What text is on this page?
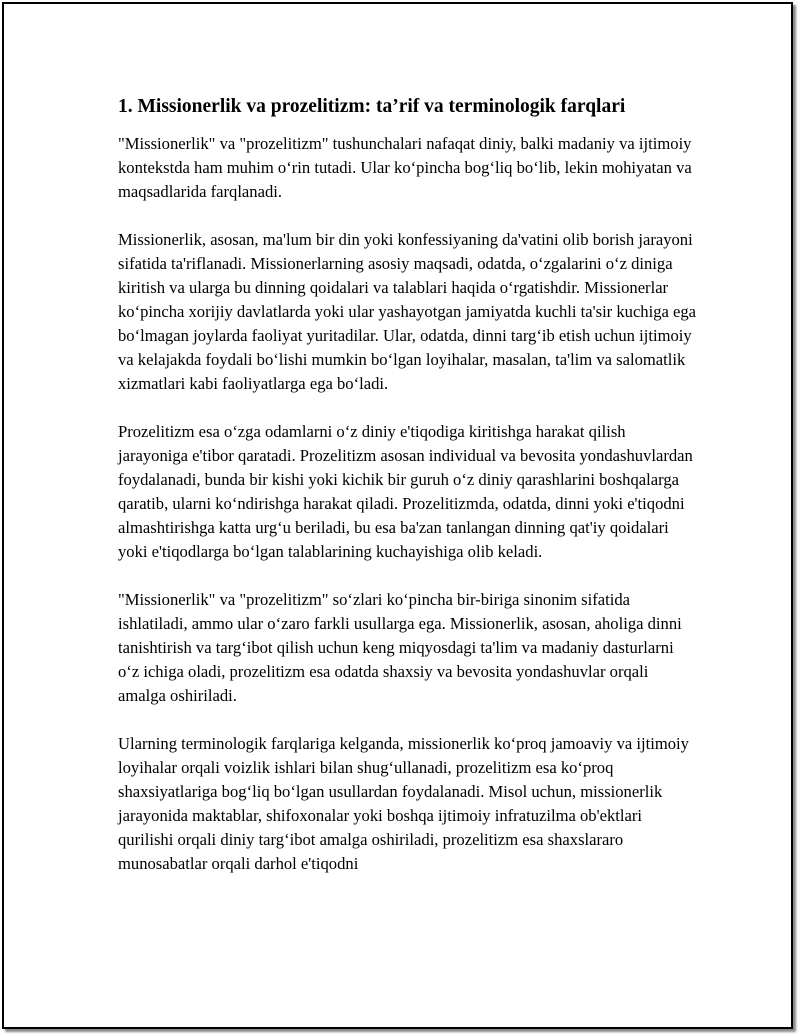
1. Missionerlik va prozelitizm: ta’rif va terminologik farqlari

"Missionerlik" va "prozelitizm" tushunchalari nafaqat diniy, balki madaniy va ijtimoiy kontekstda ham muhim o‘rin tutadi. Ular ko‘pincha bog‘liq bo‘lib, lekin mohiyatan va maqsadlarida farqlanadi.

Missionerlik, asosan, ma'lum bir din yoki konfessiyaning da'vatini olib borish jarayoni sifatida ta'riflanadi. Missionerlarning asosiy maqsadi, odatda, o‘zgalarini o‘z diniga kiritish va ularga bu dinning qoidalari va talablari haqida o‘rgatishdir. Missionerlar ko‘pincha xorijiy davlatlarda yoki ular yashayotgan jamiyatda kuchli ta'sir kuchiga ega bo‘lmagan joylarda faoliyat yuritadilar. Ular, odatda, dinni targ‘ib etish uchun ijtimoiy va kelajakda foydali bo‘lishi mumkin bo‘lgan loyihalar, masalan, ta'lim va salomatlik xizmatlari kabi faoliyatlarga ega bo‘ladi.

Prozelitizm esa o‘zga odamlarni o‘z diniy e'tiqodiga kiritishga harakat qilish jarayoniga e'tibor qaratadi. Prozelitizm asosan individual va bevosita yondashuvlardan foydalanadi, bunda bir kishi yoki kichik bir guruh o‘z diniy qarashlarini boshqalarga qaratib, ularni ko‘ndirishga harakat qiladi. Prozelitizmda, odatda, dinni yoki e'tiqodni almashtirishga katta urg‘u beriladi, bu esa ba'zan tanlangan dinning qat'iy qoidalari yoki e'tiqodlarga bo‘lgan talablarining kuchayishiga olib keladi.

"Missionerlik" va "prozelitizm" so‘zlari ko‘pincha bir-biriga sinonim sifatida ishlatiladi, ammo ular o‘zaro farkli usullarga ega. Missionerlik, asosan, aholiga dinni tanishtirish va targ‘ibot qilish uchun keng miqyosdagi ta'lim va madaniy dasturlarni o‘z ichiga oladi, prozelitizm esa odatda shaxsiy va bevosita yondashuvlar orqali amalga oshiriladi.

Ularning terminologik farqlariga kelganda, missionerlik ko‘proq jamoaviy va ijtimoiy loyihalar orqali voizlik ishlari bilan shug‘ullanadi, prozelitizm esa ko‘proq shaxsiyatlariga bog‘liq bo‘lgan usullardan foydalanadi. Misol uchun, missionerlik jarayonida maktablar, shifoxonalar yoki boshqa ijtimoiy infratuzilma ob'ektlari qurilishi orqali diniy targ‘ibot amalga oshiriladi, prozelitizm esa shaxslararo munosabatlar orqali darhol e'tiqodni
